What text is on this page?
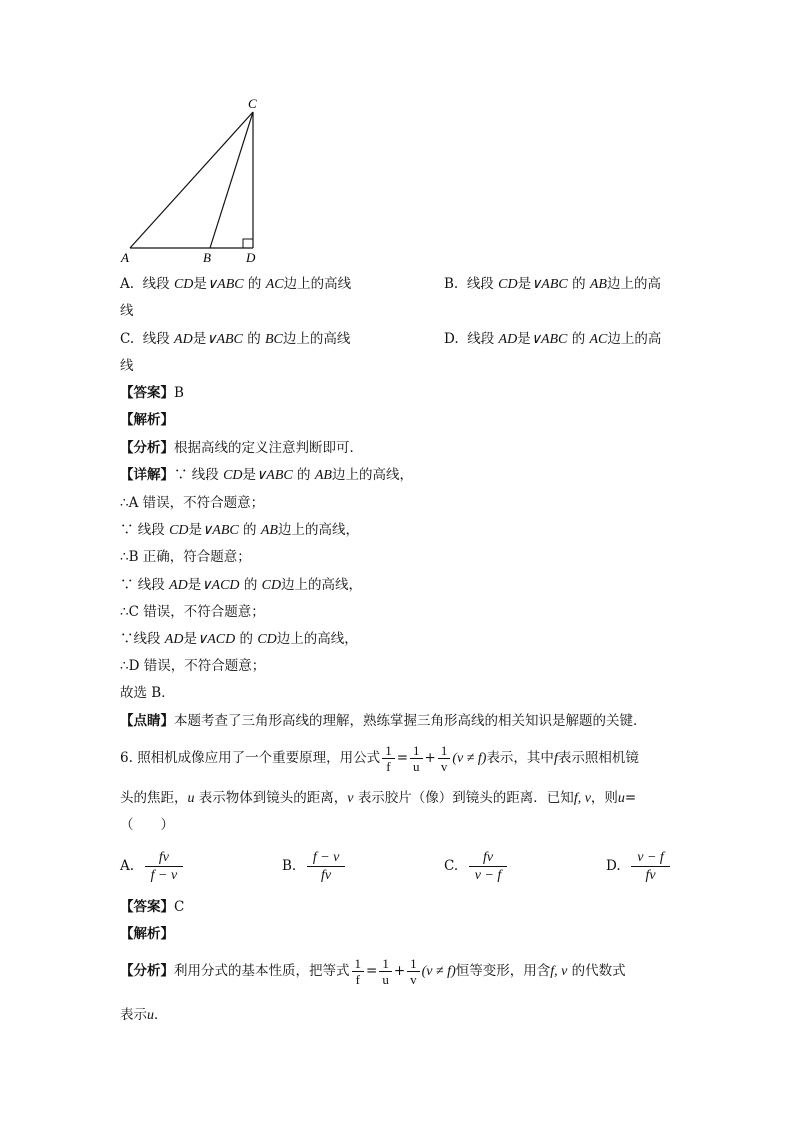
C
A	B	D
A. 线段 CD是∨ABC 的 AC边上的高线	B. 线段 CD是∨ABC 的 AB边上的高
线
C. 线段 AD是∨ABC 的 BC边上的高线	D. 线段 AD是∨ABC 的 AC边上的高
线
【答案】B
【解析】
【分析】根据高线的定义注意判断即可．
【详解】∵ 线段 CD是∨ABC 的 AB边上的高线，
∴A 错误，不符合题意；
∵ 线段 CD是∨ABC 的 AB边上的高线，
∴B 正确，符合题意；
∵ 线段 AD是∨ACD 的 CD边上的高线，
∴C 错误，不符合题意；
∵线段 AD是∨ACD 的 CD边上的高线，
∴D 错误，不符合题意；
故选 B．
【点睛】本题考查了三角形高线的理解，熟练掌握三角形高线的相关知识是解题的关键．
6. 照相机成像应用了一个重要原理，用公式 $\frac{1}{f} = \frac{1}{u} + \frac{1}{v} (v \ne f)$表示，其中f表示照相机镜
头的焦距，u 表示物体到镜头的距离，v 表示胶片（像）到镜头的距离．已知f, v，则u=
（　　）
A. $\frac{fv}{f - v}$	B. $\frac{f - v}{fv}$	C. $\frac{fv}{v - f}$	D. $\frac{v - f}{fv}$
【答案】C
【解析】
【分析】利用分式的基本性质，把等式 $\frac{1}{f} = \frac{1}{u} + \frac{1}{v} (v \ne f)$恒等变形，用含f, v 的代数式
表示u．
